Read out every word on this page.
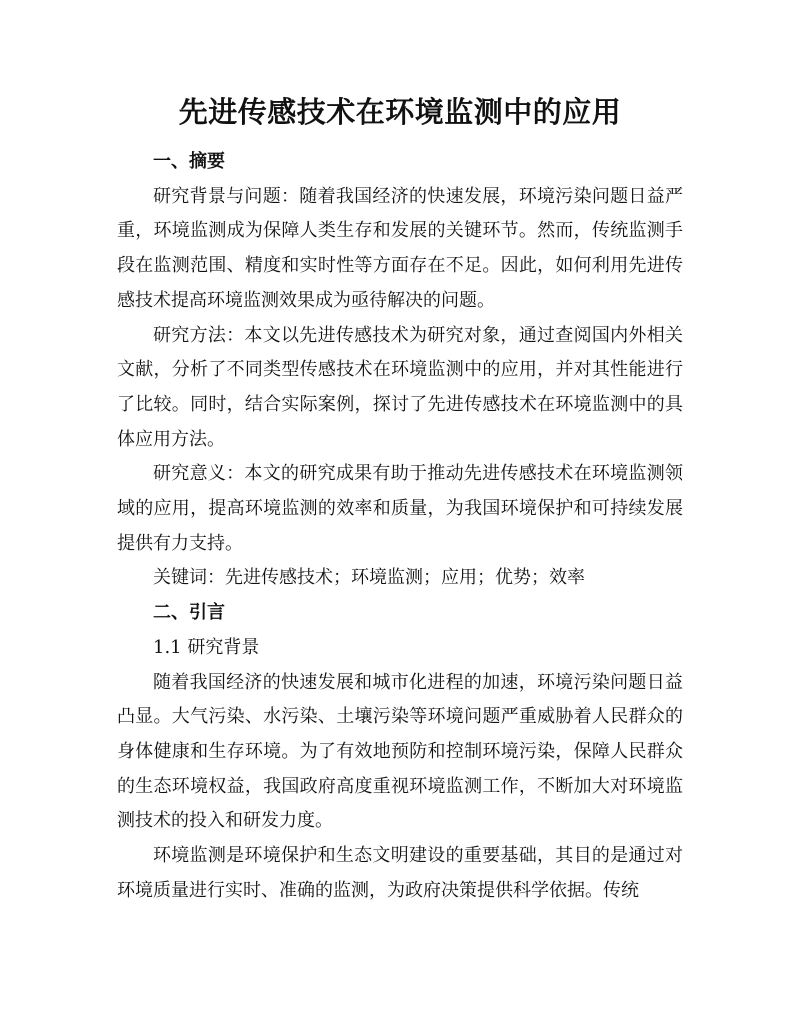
先进传感技术在环境监测中的应用

一、摘要

研究背景与问题：随着我国经济的快速发展，环境污染问题日益严重，环境监测成为保障人类生存和发展的关键环节。然而，传统监测手段在监测范围、精度和实时性等方面存在不足。因此，如何利用先进传感技术提高环境监测效果成为亟待解决的问题。

研究方法：本文以先进传感技术为研究对象，通过查阅国内外相关文献，分析了不同类型传感技术在环境监测中的应用，并对其性能进行了比较。同时，结合实际案例，探讨了先进传感技术在环境监测中的具体应用方法。

研究意义：本文的研究成果有助于推动先进传感技术在环境监测领域的应用，提高环境监测的效率和质量，为我国环境保护和可持续发展提供有力支持。

关键词：先进传感技术；环境监测；应用；优势；效率

二、引言

1.1 研究背景

随着我国经济的快速发展和城市化进程的加速，环境污染问题日益凸显。大气污染、水污染、土壤污染等环境问题严重威胁着人民群众的身体健康和生存环境。为了有效地预防和控制环境污染，保障人民群众的生态环境权益，我国政府高度重视环境监测工作，不断加大对环境监测技术的投入和研发力度。

环境监测是环境保护和生态文明建设的重要基础，其目的是通过对环境质量进行实时、准确的监测，为政府决策提供科学依据。传统
